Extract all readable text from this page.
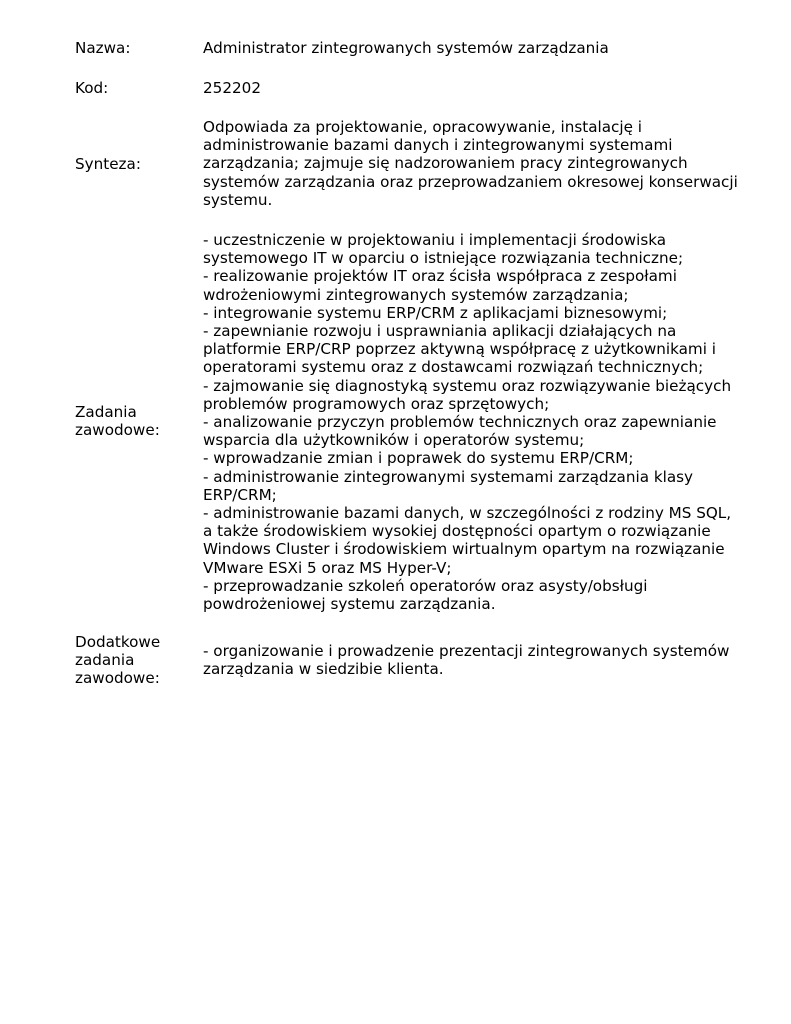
Nazwa:	Administrator zintegrowanych systemów zarządzania
Kod:	252202
Synteza:
Odpowiada za projektowanie, opracowywanie, instalację i
administrowanie bazami danych i zintegrowanymi systemami
zarządzania; zajmuje się nadzorowaniem pracy zintegrowanych
systemów zarządzania oraz przeprowadzaniem okresowej konserwacji
systemu.
Zadania
zawodowe:
- uczestniczenie w projektowaniu i implementacji środowiska
systemowego IT w oparciu o istniejące rozwiązania techniczne;
- realizowanie projektów IT oraz ścisła współpraca z zespołami
wdrożeniowymi zintegrowanych systemów zarządzania;
- integrowanie systemu ERP/CRM z aplikacjami biznesowymi;
- zapewnianie rozwoju i usprawniania aplikacji działających na
platformie ERP/CRP poprzez aktywną współpracę z użytkownikami i
operatorami systemu oraz z dostawcami rozwiązań technicznych;
- zajmowanie się diagnostyką systemu oraz rozwiązywanie bieżących
problemów programowych oraz sprzętowych;
- analizowanie przyczyn problemów technicznych oraz zapewnianie
wsparcia dla użytkowników i operatorów systemu;
- wprowadzanie zmian i poprawek do systemu ERP/CRM;
- administrowanie zintegrowanymi systemami zarządzania klasy
ERP/CRM;
- administrowanie bazami danych, w szczególności z rodziny MS SQL,
a także środowiskiem wysokiej dostępności opartym o rozwiązanie
Windows Cluster i środowiskiem wirtualnym opartym na rozwiązanie
VMware ESXi 5 oraz MS Hyper-V;
- przeprowadzanie szkoleń operatorów oraz asysty/obsługi
powdrożeniowej systemu zarządzania.
Dodatkowe
zadania
zawodowe:
- organizowanie i prowadzenie prezentacji zintegrowanych systemów
zarządzania w siedzibie klienta.
